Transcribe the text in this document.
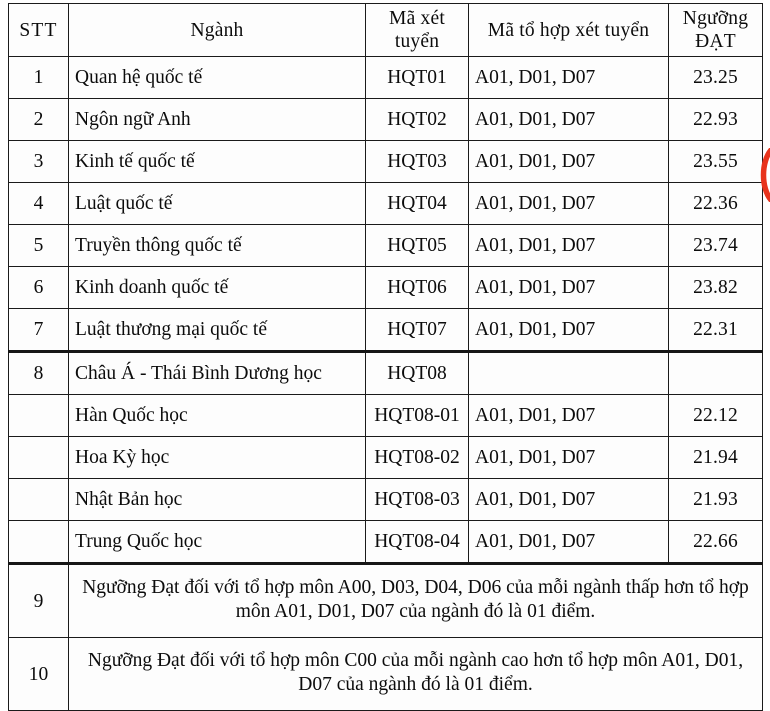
STT	Ngành	Mã xét tuyển	Mã tổ hợp xét tuyển	Ngưỡng ĐẠT
1	Quan hệ quốc tế	HQT01	A01, D01, D07	23.25
2	Ngôn ngữ Anh	HQT02	A01, D01, D07	22.93
3	Kinh tế quốc tế	HQT03	A01, D01, D07	23.55
4	Luật quốc tế	HQT04	A01, D01, D07	22.36
5	Truyền thông quốc tế	HQT05	A01, D01, D07	23.74
6	Kinh doanh quốc tế	HQT06	A01, D01, D07	23.82
7	Luật thương mại quốc tế	HQT07	A01, D01, D07	22.31
8	Châu Á - Thái Bình Dương học	HQT08		
	Hàn Quốc học	HQT08-01	A01, D01, D07	22.12
	Hoa Kỳ học	HQT08-02	A01, D01, D07	21.94
	Nhật Bản học	HQT08-03	A01, D01, D07	21.93
	Trung Quốc học	HQT08-04	A01, D01, D07	22.66
9	Ngưỡng Đạt đối với tổ hợp môn A00, D03, D04, D06 của mỗi ngành thấp hơn tổ hợp môn A01, D01, D07 của ngành đó là 01 điểm.			
10	Ngưỡng Đạt đối với tổ hợp môn C00 của mỗi ngành cao hơn tổ hợp môn A01, D01, D07 của ngành đó là 01 điểm.			
